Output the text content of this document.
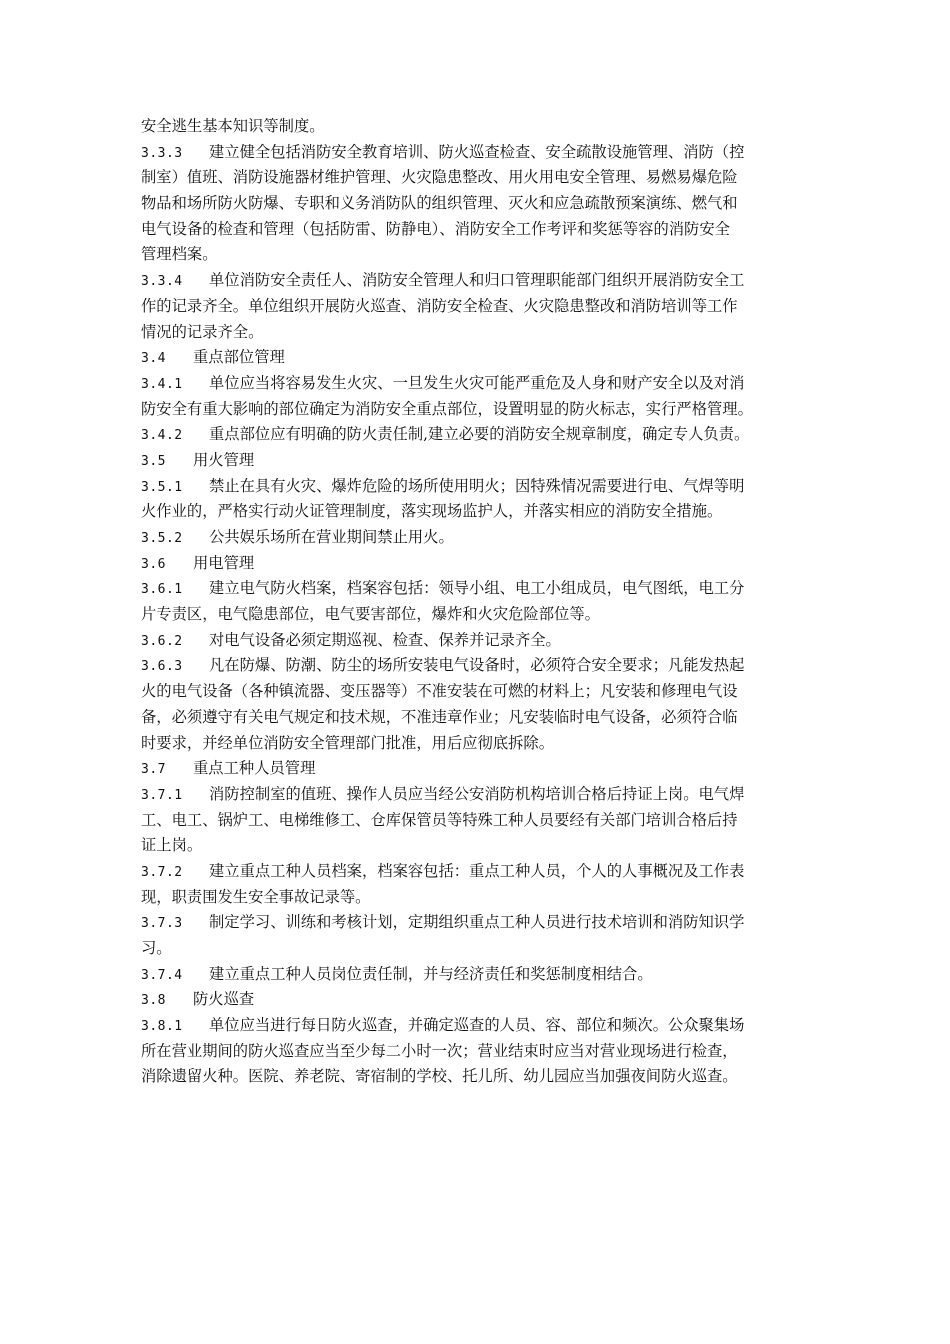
安全逃生基本知识等制度。
3.3.3 建立健全包括消防安全教育培训、防火巡查检查、安全疏散设施管理、消防（控
制室）值班、消防设施器材维护管理、火灾隐患整改、用火用电安全管理、易燃易爆危险
物品和场所防火防爆、专职和义务消防队的组织管理、灭火和应急疏散预案演练、燃气和
电气设备的检查和管理（包括防雷、防静电）、消防安全工作考评和奖惩等容的消防安全
管理档案。
3.3.4 单位消防安全责任人、消防安全管理人和归口管理职能部门组织开展消防安全工
作的记录齐全。单位组织开展防火巡查、消防安全检查、火灾隐患整改和消防培训等工作
情况的记录齐全。
3.4 重点部位管理
3.4.1 单位应当将容易发生火灾、一旦发生火灾可能严重危及人身和财产安全以及对消
防安全有重大影响的部位确定为消防安全重点部位，设置明显的防火标志，实行严格管理。
3.4.2 重点部位应有明确的防火责任制,建立必要的消防安全规章制度，确定专人负责。
3.5 用火管理
3.5.1 禁止在具有火灾、爆炸危险的场所使用明火；因特殊情况需要进行电、气焊等明
火作业的，严格实行动火证管理制度，落实现场监护人，并落实相应的消防安全措施。
3.5.2 公共娱乐场所在营业期间禁止用火。
3.6 用电管理
3.6.1 建立电气防火档案，档案容包括：领导小组、电工小组成员，电气图纸，电工分
片专责区，电气隐患部位，电气要害部位，爆炸和火灾危险部位等。
3.6.2 对电气设备必须定期巡视、检查、保养并记录齐全。
3.6.3 凡在防爆、防潮、防尘的场所安装电气设备时，必须符合安全要求；凡能发热起
火的电气设备（各种镇流器、变压器等）不准安装在可燃的材料上；凡安装和修理电气设
备，必须遵守有关电气规定和技术规，不准违章作业；凡安装临时电气设备，必须符合临
时要求，并经单位消防安全管理部门批准，用后应彻底拆除。
3.7 重点工种人员管理
3.7.1 消防控制室的值班、操作人员应当经公安消防机构培训合格后持证上岗。电气焊
工、电工、锅炉工、电梯维修工、仓库保管员等特殊工种人员要经有关部门培训合格后持
证上岗。
3.7.2 建立重点工种人员档案，档案容包括：重点工种人员，个人的人事概况及工作表
现，职责围发生安全事故记录等。
3.7.3 制定学习、训练和考核计划，定期组织重点工种人员进行技术培训和消防知识学
习。
3.7.4 建立重点工种人员岗位责任制，并与经济责任和奖惩制度相结合。
3.8 防火巡查
3.8.1 单位应当进行每日防火巡查，并确定巡查的人员、容、部位和频次。公众聚集场
所在营业期间的防火巡查应当至少每二小时一次；营业结束时应当对营业现场进行检查，
消除遗留火种。医院、养老院、寄宿制的学校、托儿所、幼儿园应当加强夜间防火巡查。
